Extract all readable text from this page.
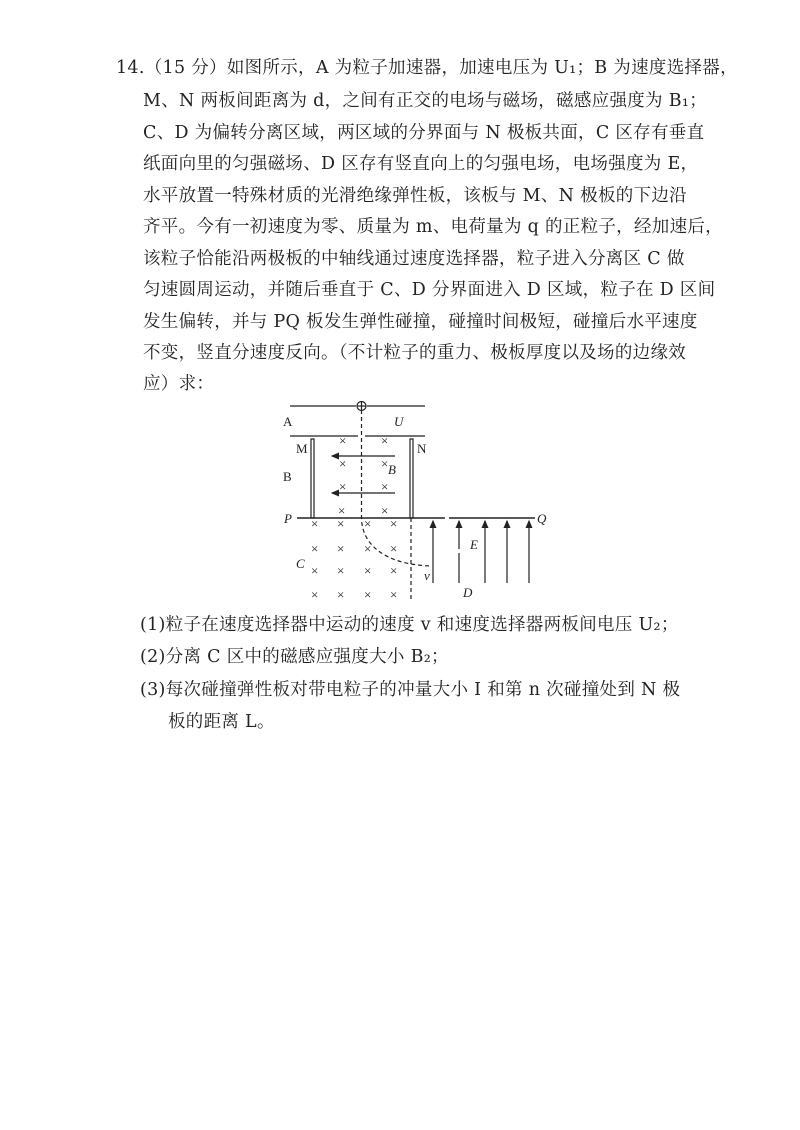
14.（15 分）如图所示，A 为粒子加速器，加速电压为 U₁；B 为速度选择器，
M、N 两板间距离为 d，之间有正交的电场与磁场，磁感应强度为 B₁；
C、D 为偏转分离区域，两区域的分界面与 N 极板共面，C 区存有垂直
纸面向里的匀强磁场、D 区存有竖直向上的匀强电场，电场强度为 E，
水平放置一特殊材质的光滑绝缘弹性板，该板与 M、N 极板的下边沿
齐平。今有一初速度为零、质量为 m、电荷量为 q 的正粒子，经加速后，
该粒子恰能沿两极板的中轴线通过速度选择器，粒子进入分离区 C 做
匀速圆周运动，并随后垂直于 C、D 分界面进入 D 区域，粒子在 D 区间
发生偏转，并与 PQ 板发生弹性碰撞，碰撞时间极短，碰撞后水平速度
不变，竖直分速度反向。（不计粒子的重力、极板厚度以及场的边缘效
应）求：
×	×
×	×
×	×
×	×
× × × ×
× × × ×
× × × ×
× × × ×
A	U
M	N
B	B
P	Q
C
D
E
v
(1)粒子在速度选择器中运动的速度 v 和速度选择器两板间电压 U₂；
(2)分离 C 区中的磁感应强度大小 B₂；
(3)每次碰撞弹性板对带电粒子的冲量大小 I 和第 n 次碰撞处到 N 极
板的距离 L。
